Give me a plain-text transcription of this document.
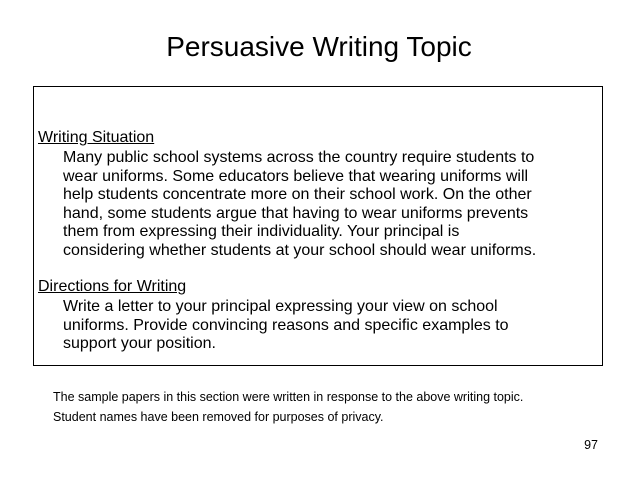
Persuasive Writing Topic
Writing Situation
Many public school systems across the country require students to
wear uniforms. Some educators believe that wearing uniforms will
help students concentrate more on their school work. On the other
hand, some students argue that having to wear uniforms prevents
them from expressing their individuality. Your principal is
considering whether students at your school should wear uniforms.
Directions for Writing
Write a letter to your principal expressing your view on school
uniforms. Provide convincing reasons and specific examples to
support your position.
The sample papers in this section were written in response to the above writing topic.
Student names have been removed for purposes of privacy.
97
